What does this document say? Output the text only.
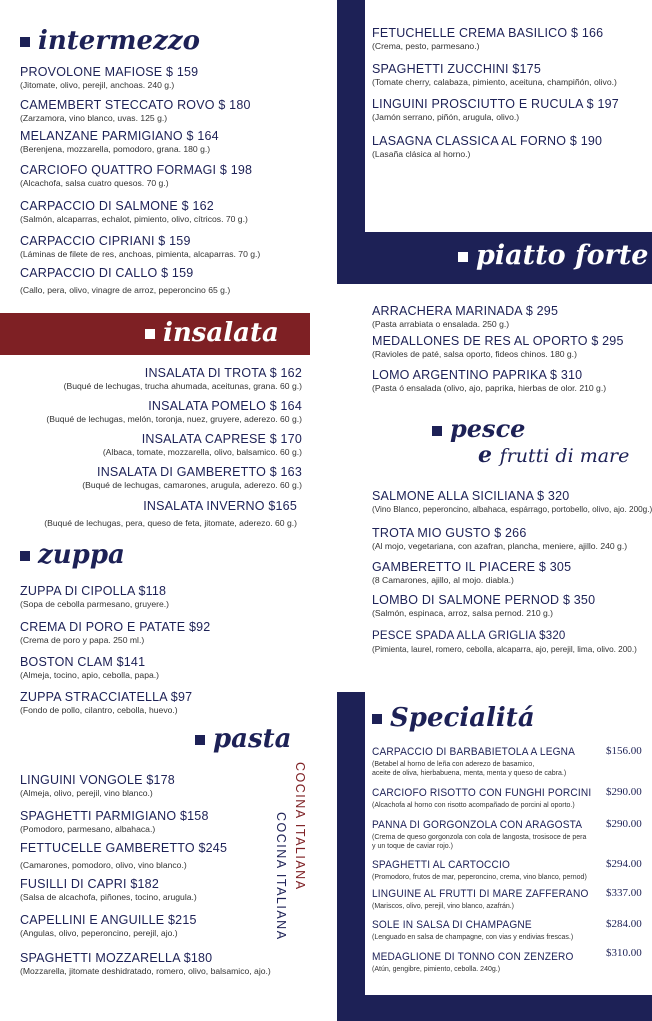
intermezzo
insalata
zuppa
pasta
piatto forte
pesce
e frutti di mare
Specialitá
COCINA ITALIANA
COCINA ITALIANA
PROVOLONE MAFIOSE $ 159
(Jitomate, olivo, perejil, anchoas. 240 g.)
CAMEMBERT STECCATO ROVO $ 180
(Zarzamora, vino blanco, uvas. 125 g.)
MELANZANE PARMIGIANO $ 164
(Berenjena, mozzarella, pomodoro, grana. 180 g.)
CARCIOFO QUATTRO FORMAGI $ 198
(Alcachofa, salsa cuatro quesos. 70 g.)
CARPACCIO DI SALMONE $ 162
(Salmón, alcaparras, echalot, pimiento, olivo, cítricos. 70 g.)
CARPACCIO CIPRIANI $ 159
(Láminas de filete de res, anchoas, pimienta, alcaparras. 70 g.)
CARPACCIO DI CALLO $ 159
(Callo, pera, olivo, vinagre de arroz, peperoncino 65 g.)
INSALATA DI TROTA $ 162
(Buqué de lechugas, trucha ahumada, aceitunas, grana. 60 g.)
INSALATA POMELO $ 164
(Buqué de lechugas, melón, toronja, nuez, gruyere, aderezo. 60 g.)
INSALATA CAPRESE $ 170
(Albaca, tomate, mozzarella, olivo, balsamico. 60 g.)
INSALATA DI GAMBERETTO $ 163
(Buqué de lechugas, camarones, arugula, aderezo. 60 g.)
INSALATA INVERNO $165
(Buqué de lechugas, pera, queso de feta, jitomate, aderezo. 60 g.)
ZUPPA DI CIPOLLA $118
(Sopa de cebolla parmesano, gruyere.)
CREMA DI PORO E PATATE $92
(Crema de poro y papa. 250 ml.)
BOSTON CLAM $141
(Almeja, tocino, apio, cebolla, papa.)
ZUPPA STRACCIATELLA $97
(Fondo de pollo, cilantro, cebolla, huevo.)
LINGUINI VONGOLE $178
(Almeja, olivo, perejil, vino blanco.)
SPAGHETTI PARMIGIANO $158
(Pomodoro, parmesano, albahaca.)
FETTUCELLE GAMBERETTO $245
(Camarones, pomodoro, olivo, vino blanco.)
FUSILLI DI CAPRI $182
(Salsa de alcachofa, piñones, tocino, arugula.)
CAPELLINI E ANGUILLE $215
(Angulas, olivo, peperoncino, perejil, ajo.)
SPAGHETTI MOZZARELLA $180
(Mozzarella, jitomate deshidratado, romero, olivo, balsamico, ajo.)
FETUCHELLE CREMA BASILICO $ 166
(Crema, pesto, parmesano.)
SPAGHETTI ZUCCHINI $175
(Tomate cherry, calabaza, pimiento, aceituna, champiñón, olivo.)
LINGUINI PROSCIUTTO E RUCULA $ 197
(Jamón serrano, piñón, arugula, olivo.)
LASAGNA CLASSICA AL FORNO $ 190
(Lasaña clásica al horno.)
ARRACHERA MARINADA $ 295
(Pasta arrabiata o ensalada. 250 g.)
MEDALLONES DE RES AL OPORTO $ 295
(Ravioles de paté, salsa oporto, fideos chinos. 180 g.)
LOMO ARGENTINO PAPRIKA $ 310
(Pasta ó ensalada (olivo, ajo, paprika, hierbas de olor. 210 g.)
SALMONE ALLA SICILIANA $ 320
(Vino Blanco, peperoncino, albahaca, espárrago, portobello, olivo, ajo. 200g.)
TROTA MIO GUSTO $ 266
(Al mojo, vegetariana, con azafran, plancha, meniere, ajillo. 240 g.)
GAMBERETTO IL PIACERE $ 305
(8 Camarones, ajillo, al mojo. diabla.)
LOMBO DI SALMONE PERNOD $ 350
(Salmón, espinaca, arroz, salsa pernod. 210 g.)
PESCE SPADA ALLA GRIGLIA $320
(Pimienta, laurel, romero, cebolla, alcaparra, ajo, perejil, lima, olivo. 200.)
CARPACCIO DI BARBABIETOLA A LEGNA
(Betabel al horno de leña con aderezo de basamico,
aceite de oliva, hierbabuena, menta, menta y queso de cabra.)
$156.00
CARCIOFO RISOTTO CON FUNGHI PORCINI
(Alcachofa al horno con risotto acompañado de porcini al oporto.)
$290.00
PANNA DI GORGONZOLA CON ARAGOSTA
(Crema de queso gorgonzola con cola de langosta, trosisoce de pera
y un toque de caviar rojo.)
$290.00
SPAGHETTI AL CARTOCCIO
(Promodoro, frutos de mar, peperoncino, crema, vino blanco, pernod)
$294.00
LINGUINE AL FRUTTI DI MARE ZAFFERANO
(Mariscos, olivo, perejil, vino blanco, azafrán.)
$337.00
SOLE IN SALSA DI CHAMPAGNE
(Lenguado en salsa de champagne, con vias y endivias frescas.)
$284.00
MEDAGLIONE DI TONNO CON ZENZERO
(Atún, gengibre, pimiento, cebolla. 240g.)
$310.00
